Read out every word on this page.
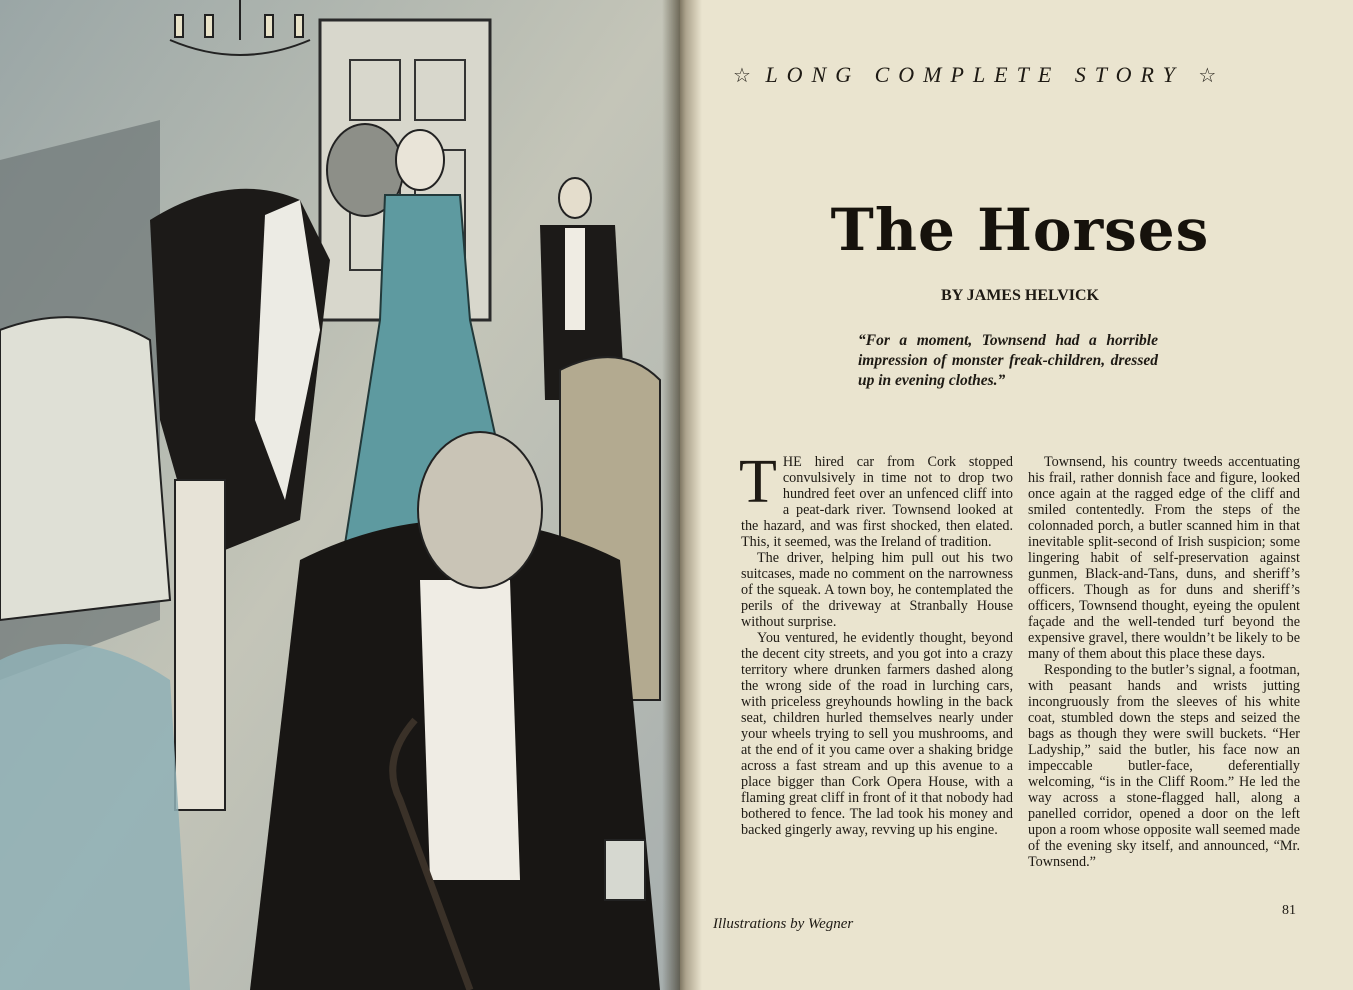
Illustrations by Wegner
☆ LONG COMPLETE STORY ☆
The Horses
BY JAMES HELVICK
“For a moment, Townsend had a horrible impression of monster freak-children, dressed up in evening clothes.”

THE hired car from Cork stopped convulsively in time not to drop two hundred feet over an unfenced cliff into a peat-dark river. Townsend looked at the hazard, and was first shocked, then elated. This, it seemed, was the Ireland of tradition.

The driver, helping him pull out his two suitcases, made no comment on the narrowness of the squeak. A town boy, he contemplated the perils of the driveway at Stranbally House without surprise.

You ventured, he evidently thought, beyond the decent city streets, and you got into a crazy territory where drunken farmers dashed along the wrong side of the road in lurching cars, with priceless greyhounds howling in the back seat, children hurled themselves nearly under your wheels trying to sell you mushrooms, and at the end of it you came over a shaking bridge across a fast stream and up this avenue to a place bigger than Cork Opera House, with a flaming great cliff in front of it that nobody had bothered to fence. The lad took his money and backed gingerly away, revving up his engine.

Townsend, his country tweeds accentuating his frail, rather donnish face and figure, looked once again at the ragged edge of the cliff and smiled contentedly. From the steps of the colonnaded porch, a butler scanned him in that inevitable split-second of Irish suspicion; some lingering habit of self-preservation against gunmen, Black-and-Tans, duns, and sheriff’s officers. Though as for duns and sheriff’s officers, Townsend thought, eyeing the opulent façade and the well-tended turf beyond the expensive gravel, there wouldn’t be likely to be many of them about this place these days.

Responding to the butler’s signal, a footman, with peasant hands and wrists jutting incongruously from the sleeves of his white coat, stumbled down the steps and seized the bags as though they were swill buckets. “Her Ladyship,” said the butler, his face now an impeccable butler-face, deferentially welcoming, “is in the Cliff Room.” He led the way across a stone-flagged hall, along a panelled corridor, opened a door on the left upon a room whose opposite wall seemed made of the evening sky itself, and announced, “Mr. Townsend.”

81
